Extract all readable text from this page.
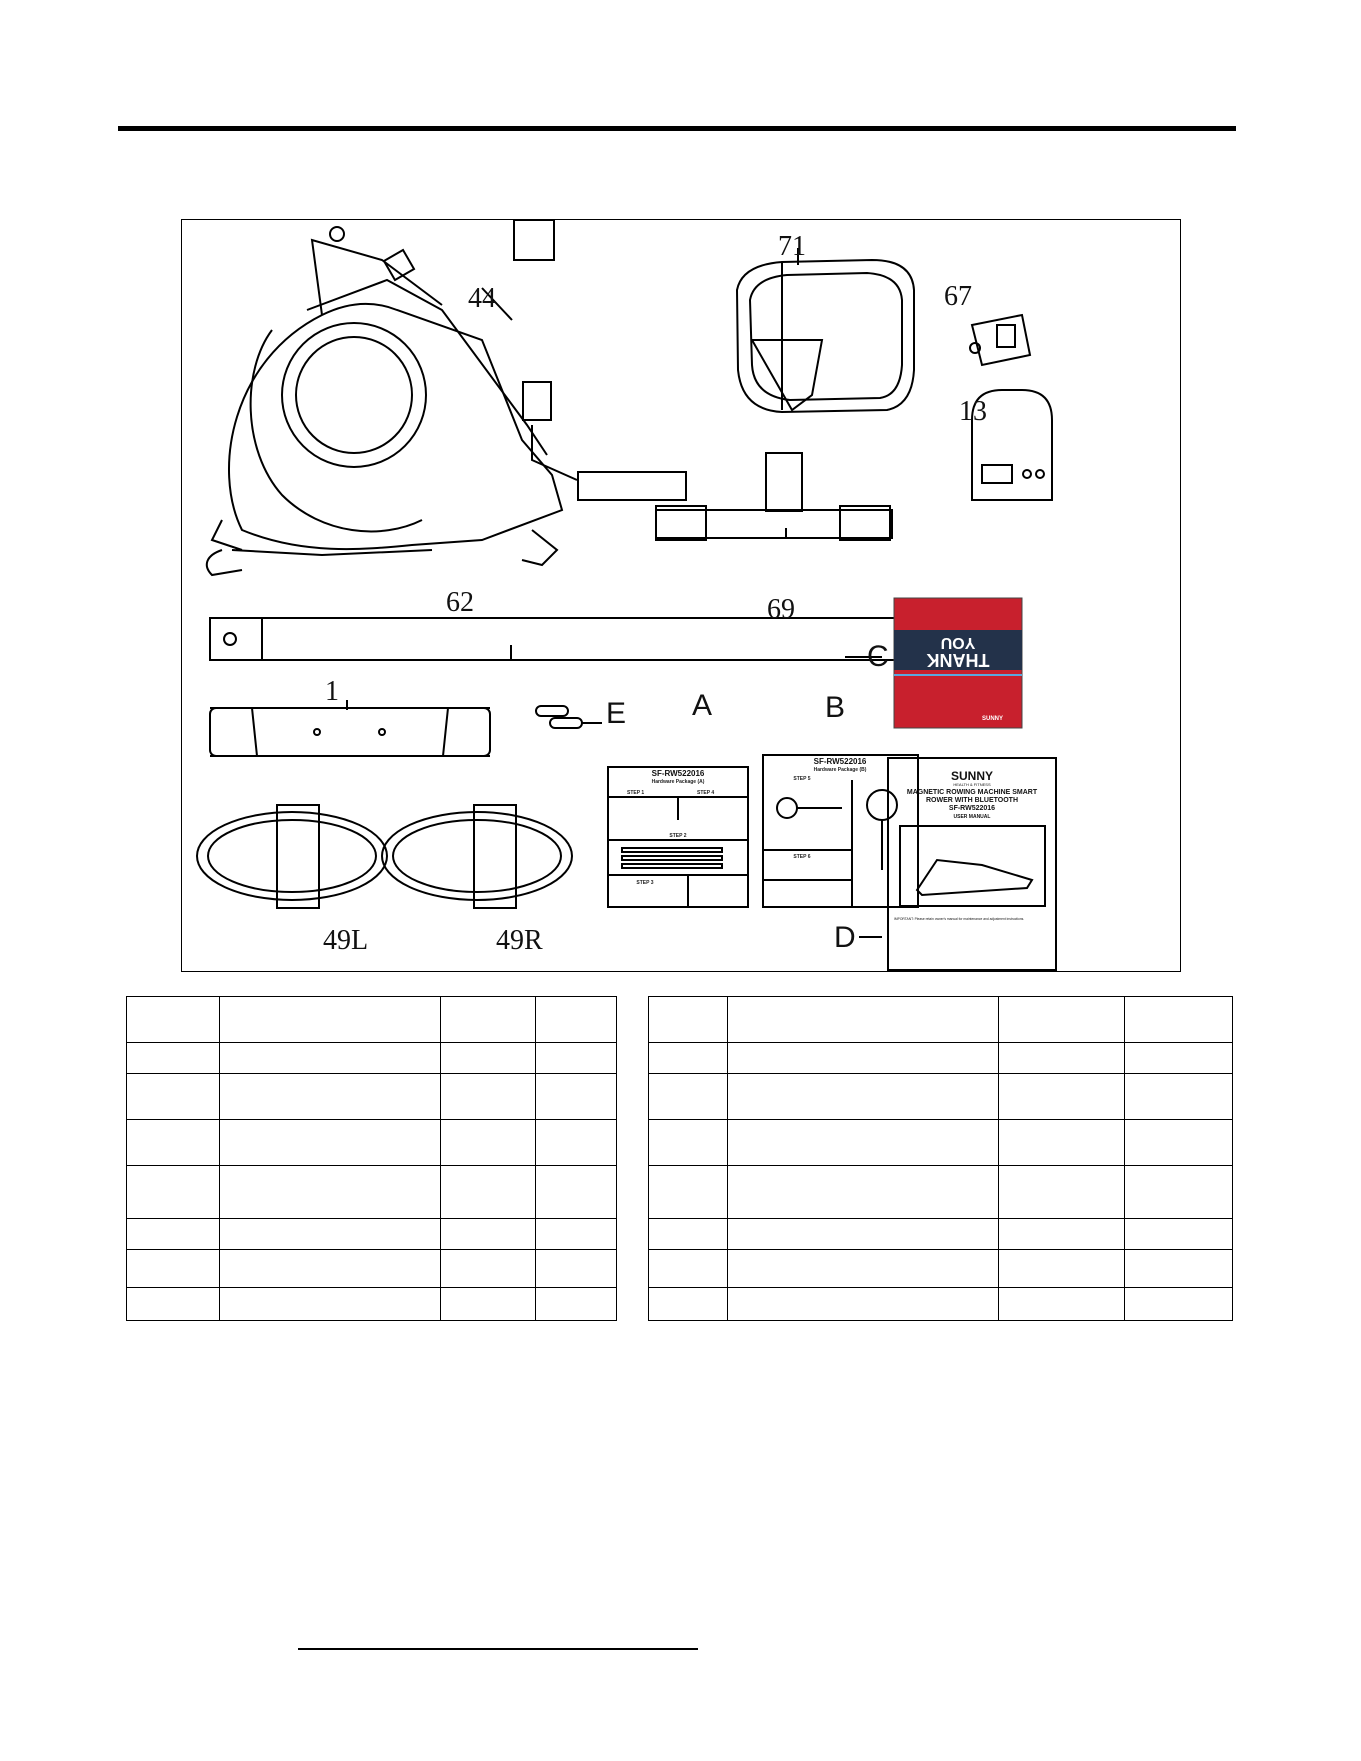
YOU
THANK
SUNNY
SF-RW522016
Hardware Package (A)
STEP 1	STEP 4
STEP 2
STEP 3
SF-RW522016
Hardware Package (B)
STEP 5
STEP 6
SUNNY
HEALTH & FITNESS
MAGNETIC ROWING MACHINE SMART
ROWER WITH BLUETOOTH
SF-RW522016
USER MANUAL
IMPORTANT: Please retain owner's manual for maintenance and adjustment instructions.
44
71
67
13
62	69
1
49L	49R
E A	B
C
D
